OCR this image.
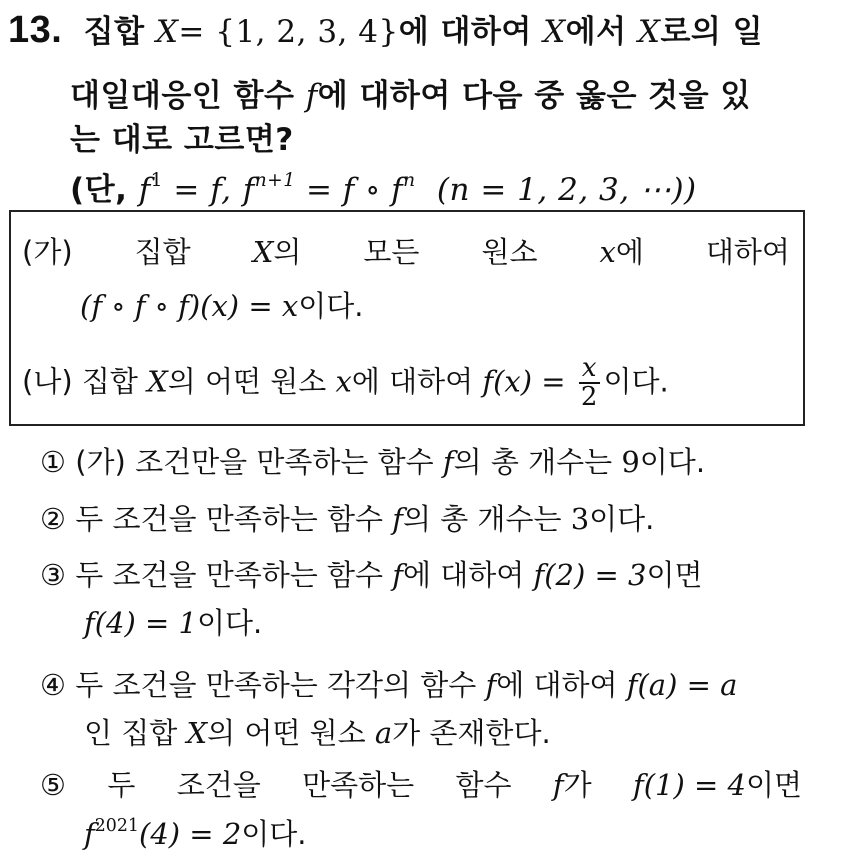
13. 집합 X= {1, 2, 3, 4}에 대하여 X에서 X로의 일
대일대응인 함수 f에 대하여 다음 중 옳은 것을 있
는 대로 고르면?
(단, $f^1 = f$, $f^{n+1} = f$ ∘ $f^n$ (n = 1, 2, 3, ⋯))
(가) 집합 X의 모든 원소 x에 대하여
(f ∘ f ∘ f)(x) = x이다.
(나) 집합 X의 어떤 원소 x에 대하여 $f(x) = \frac{x}{2}$ 이다.
① (가) 조건만을 만족하는 함수 f의 총 개수는 9이다.
② 두 조건을 만족하는 함수 f의 총 개수는 3이다.
③ 두 조건을 만족하는 함수 f에 대하여 f(2) = 3이면
f(4) = 1이다.
④ 두 조건을 만족하는 각각의 함수 f에 대하여 f(a) = a
인 집합 X의 어떤 원소 a가 존재한다.
⑤ 두 조건을 만족하는 함수 f가 f(1) = 4이면
$f^{2021}(4) = 2$이다.
